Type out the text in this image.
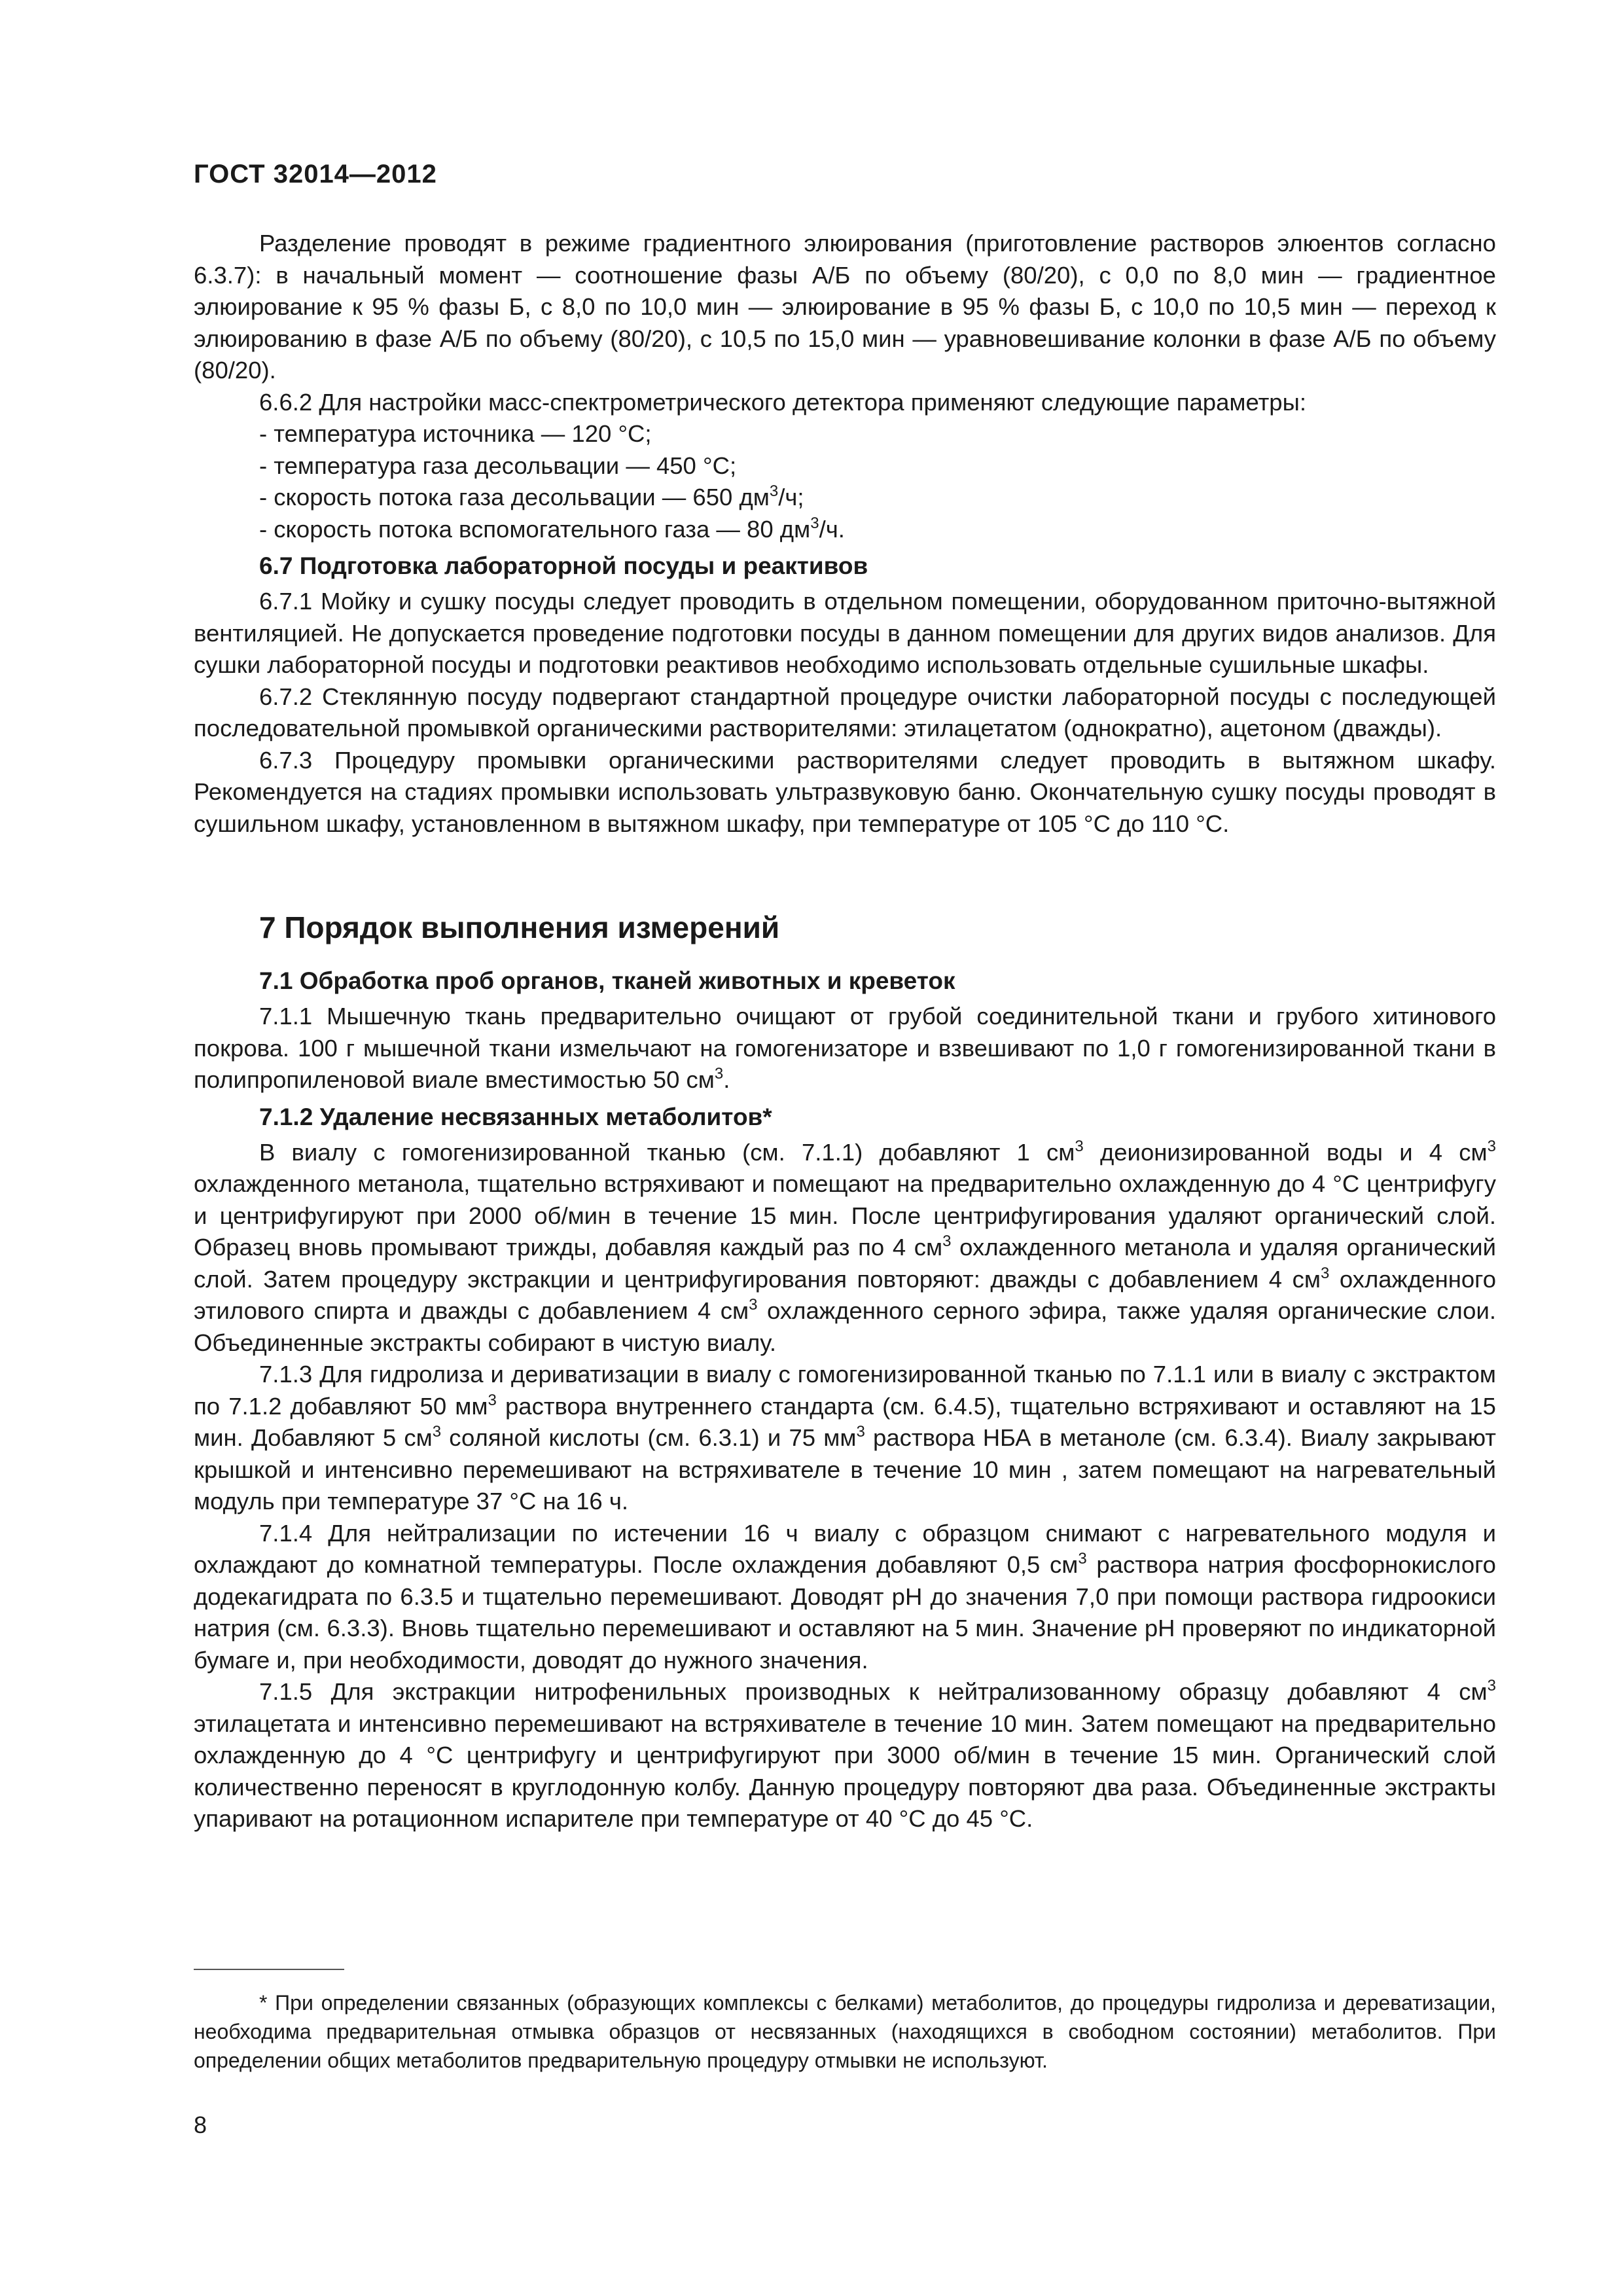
ГОСТ 32014—2012

Разделение проводят в режиме градиентного элюирования (приготовление растворов элюентов согласно 6.3.7): в начальный момент — соотношение фазы А/Б по объему (80/20), с 0,0 по 8,0 мин — градиентное элюирование к 95 % фазы Б, с 8,0 по 10,0 мин — элюирование в 95 % фазы Б, с 10,0 по 10,5 мин — переход к элюированию в фазе А/Б по объему (80/20), с 10,5 по 15,0 мин — уравновешивание колонки в фазе А/Б по объему (80/20).

6.6.2 Для настройки масс-спектрометрического детектора применяют следующие параметры:

- температура источника — 120 °С;

- температура газа десольвации — 450 °С;

- скорость потока газа десольвации — 650 $дм^3/ч$;

- скорость потока вспомогательного газа — 80 $дм^3/ч$.

6.7 Подготовка лабораторной посуды и реактивов

6.7.1 Мойку и сушку посуды следует проводить в отдельном помещении, оборудованном приточно-вытяжной вентиляцией. Не допускается проведение подготовки посуды в данном помещении для других видов анализов. Для сушки лабораторной посуды и подготовки реактивов необходимо использовать отдельные сушильные шкафы.

6.7.2 Стеклянную посуду подвергают стандартной процедуре очистки лабораторной посуды с последующей последовательной промывкой органическими растворителями: этилацетатом (однократно), ацетоном (дважды).

6.7.3 Процедуру промывки органическими растворителями следует проводить в вытяжном шкафу. Рекомендуется на стадиях промывки использовать ультразвуковую баню. Окончательную сушку посуды проводят в сушильном шкафу, установленном в вытяжном шкафу, при температуре от 105 °С до 110 °С.

7 Порядок выполнения измерений
7.1 Обработка проб органов, тканей животных и креветок

7.1.1 Мышечную ткань предварительно очищают от грубой соединительной ткани и грубого хитинового покрова. 100 г мышечной ткани измельчают на гомогенизаторе и взвешивают по 1,0 г гомогенизированной ткани в полипропиленовой виале вместимостью 50 $см^3$.

7.1.2 Удаление несвязанных метаболитов*

В виалу с гомогенизированной тканью (см. 7.1.1) добавляют 1 $см^3$ деионизированной воды и 4 $см^3$ охлажденного метанола, тщательно встряхивают и помещают на предварительно охлажденную до 4 °С центрифугу и центрифугируют при 2000 об/мин в течение 15 мин. После центрифугирования удаляют органический слой. Образец вновь промывают трижды, добавляя каждый раз по 4 $см^3$ охлажденного метанола и удаляя органический слой. Затем процедуру экстракции и центрифугирования повторяют: дважды с добавлением 4 $см^3$ охлажденного этилового спирта и дважды с добавлением 4 $см^3$ охлажденного серного эфира, также удаляя органические слои. Объединенные экстракты собирают в чистую виалу.

7.1.3 Для гидролиза и дериватизации в виалу с гомогенизированной тканью по 7.1.1 или в виалу с экстрактом по 7.1.2 добавляют 50 $мм^3$ раствора внутреннего стандарта (см. 6.4.5), тщательно встряхивают и оставляют на 15 мин. Добавляют 5 $см^3$ соляной кислоты (см. 6.3.1) и 75 $мм^3$ раствора НБА в метаноле (см. 6.3.4). Виалу закрывают крышкой и интенсивно перемешивают на встряхивателе в течение 10 мин , затем помещают на нагревательный модуль при температуре 37 °С на 16 ч.

7.1.4 Для нейтрализации по истечении 16 ч виалу с образцом снимают с нагревательного модуля и охлаждают до комнатной температуры. После охлаждения добавляют 0,5 $см^3$ раствора натрия фосфорнокислого додекагидрата по 6.3.5 и тщательно перемешивают. Доводят рН до значения 7,0 при помощи раствора гидроокиси натрия (см. 6.3.3). Вновь тщательно перемешивают и оставляют на 5 мин. Значение рН проверяют по индикаторной бумаге и, при необходимости, доводят до нужного значения.

7.1.5 Для экстракции нитрофенильных производных к нейтрализованному образцу добавляют 4 $см^3$ этилацетата и интенсивно перемешивают на встряхивателе в течение 10 мин. Затем помещают на предварительно охлажденную до 4 °С центрифугу и центрифугируют при 3000 об/мин в течение 15 мин. Органический слой количественно переносят в круглодонную колбу. Данную процедуру повторяют два раза. Объединенные экстракты упаривают на ротационном испарителе при температуре от 40 °С до 45 °С.

* При определении связанных (образующих комплексы с белками) метаболитов, до процедуры гидролиза и дереватизации, необходима предварительная отмывка образцов от несвязанных (находящихся в свободном состоянии) метаболитов. При определении общих метаболитов предварительную процедуру отмывки не используют.

8
